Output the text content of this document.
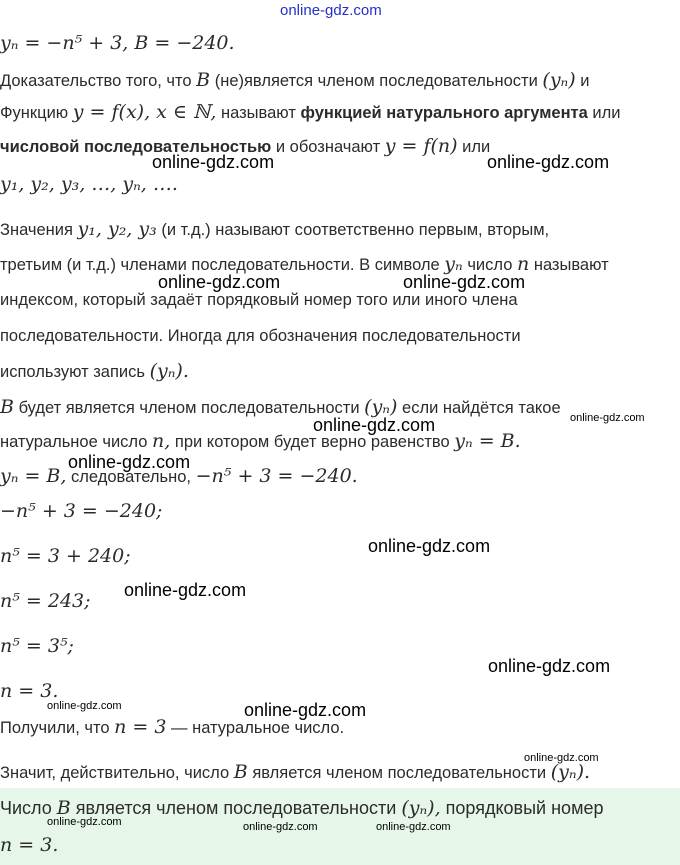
online-gdz.com
yₙ = −n⁵ + 3, B = −240.
Доказательство того, что B (не)является членом последовательности (yₙ) и
Функцию y = f(x), x ∈ ℕ, называют функцией натурального аргумента или
числовой последовательностью и обозначают y = f(n) или
y₁, y₂, y₃, …, yₙ, ….
Значения y₁, y₂, y₃ (и т.д.) называют соответственно первым, вторым,
третьим (и т.д.) членами последовательности. В символе yₙ число n называют
индексом, который задаёт порядковый номер того или иного члена
последовательности. Иногда для обозначения последовательности
используют запись (yₙ).
B будет является членом последовательности (yₙ) если найдётся такое
натуральное число n, при котором будет верно равенство yₙ = B.
yₙ = B, следовательно, −n⁵ + 3 = −240.
−n⁵ + 3 = −240;
n⁵ = 3 + 240;
n⁵ = 243;
n⁵ = 3⁵;
n = 3.
Получили, что n = 3 — натуральное число.
Значит, действительно, число B является членом последовательности (yₙ).
Число B является членом последовательности (yₙ), порядковый номер
n = 3.
online-gdz.com	online-gdz.com
online-gdz.com	online-gdz.com
online-gdz.com
online-gdz.com
online-gdz.com
online-gdz.com
online-gdz.com
online-gdz.com
online-gdz.com	online-gdz.com
online-gdz.com
online-gdz.com	online-gdz.com	online-gdz.com
